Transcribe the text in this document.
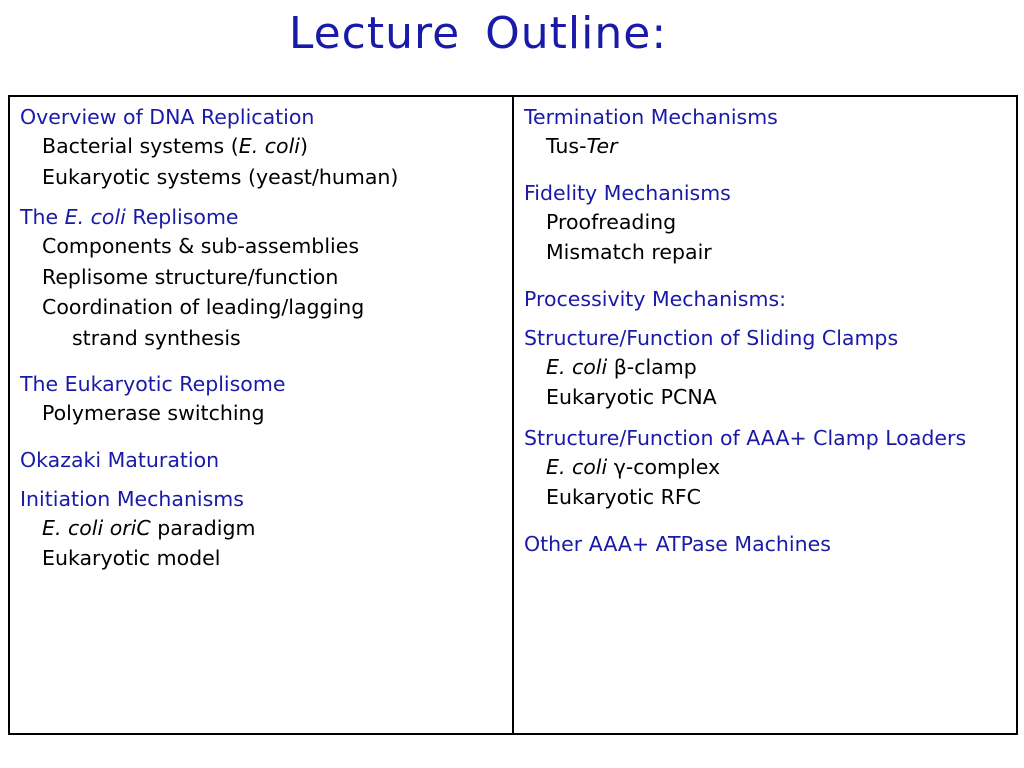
Lecture Outline:

Overview of DNA Replication

Bacterial systems (E. coli)

Eukaryotic systems (yeast/human)

The E. coli Replisome

Components & sub-assemblies

Replisome structure/function

Coordination of leading/lagging

strand synthesis

The Eukaryotic Replisome

Polymerase switching

Okazaki Maturation

Initiation Mechanisms

E. coli oriC paradigm

Eukaryotic model

Termination Mechanisms

Tus-Ter

Fidelity Mechanisms

Proofreading

Mismatch repair

Processivity Mechanisms:

Structure/Function of Sliding Clamps

E. coli β-clamp

Eukaryotic PCNA

Structure/Function of AAA+ Clamp Loaders

E. coli γ-complex

Eukaryotic RFC

Other AAA+ ATPase Machines
